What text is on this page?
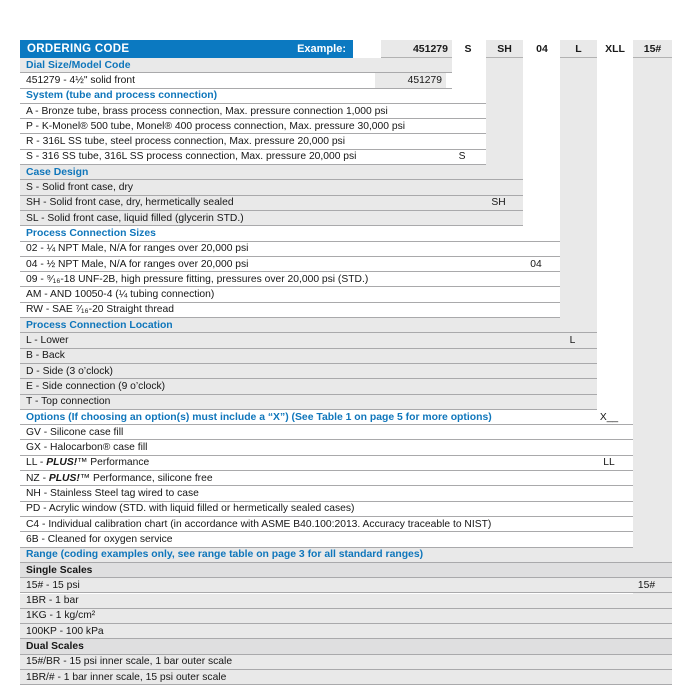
ORDERING CODE	Example:	451279	S	SH	04	L	XLL	15#
Dial Size/Model Code
451279 - 4½" solid front	451279
System (tube and process connection)
A - Bronze tube, brass process connection, Max. pressure connection 1,000 psi
P - K-Monel® 500 tube, Monel® 400 process connection, Max. pressure 30,000 psi
R - 316L SS tube, steel process connection, Max. pressure 20,000 psi
S - 316 SS tube, 316L SS process connection, Max. pressure 20,000 psi	S
Case Design
S - Solid front case, dry
SH - Solid front case, dry, hermetically sealed	SH
SL - Solid front case, liquid filled (glycerin STD.)
Process Connection Sizes
02 - ¼ NPT Male, N/A for ranges over 20,000 psi
04 - ½ NPT Male, N/A for ranges over 20,000 psi	04
09 - ⁹⁄₁₆-18 UNF-2B, high pressure fitting, pressures over 20,000 psi (STD.)
AM - AND 10050-4 (¼ tubing connection)
RW - SAE ⁷⁄₁₆-20 Straight thread
Process Connection Location
L - Lower	L
B - Back
D - Side (3 o’clock)
E - Side connection (9 o’clock)
T - Top connection
Options (If choosing an option(s) must include a “X”) (See Table 1 on page 5 for more options)	X__
GV - Silicone case fill
GX - Halocarbon® case fill
LL - PLUS!™ Performance	LL
NZ - PLUS!™ Performance, silicone free
NH - Stainless Steel tag wired to case
PD - Acrylic window (STD. with liquid filled or hermetically sealed cases)
C4 - Individual calibration chart (in accordance with ASME B40.100:2013. Accuracy traceable to NIST)
6B - Cleaned for oxygen service
Range (coding examples only, see range table on page 3 for all standard ranges)
Single Scales
15# - 15 psi	15#
1BR - 1 bar
1KG - 1 kg/cm²
100KP - 100 kPa
Dual Scales
15#/BR - 15 psi inner scale, 1 bar outer scale
1BR/# - 1 bar inner scale, 15 psi outer scale
